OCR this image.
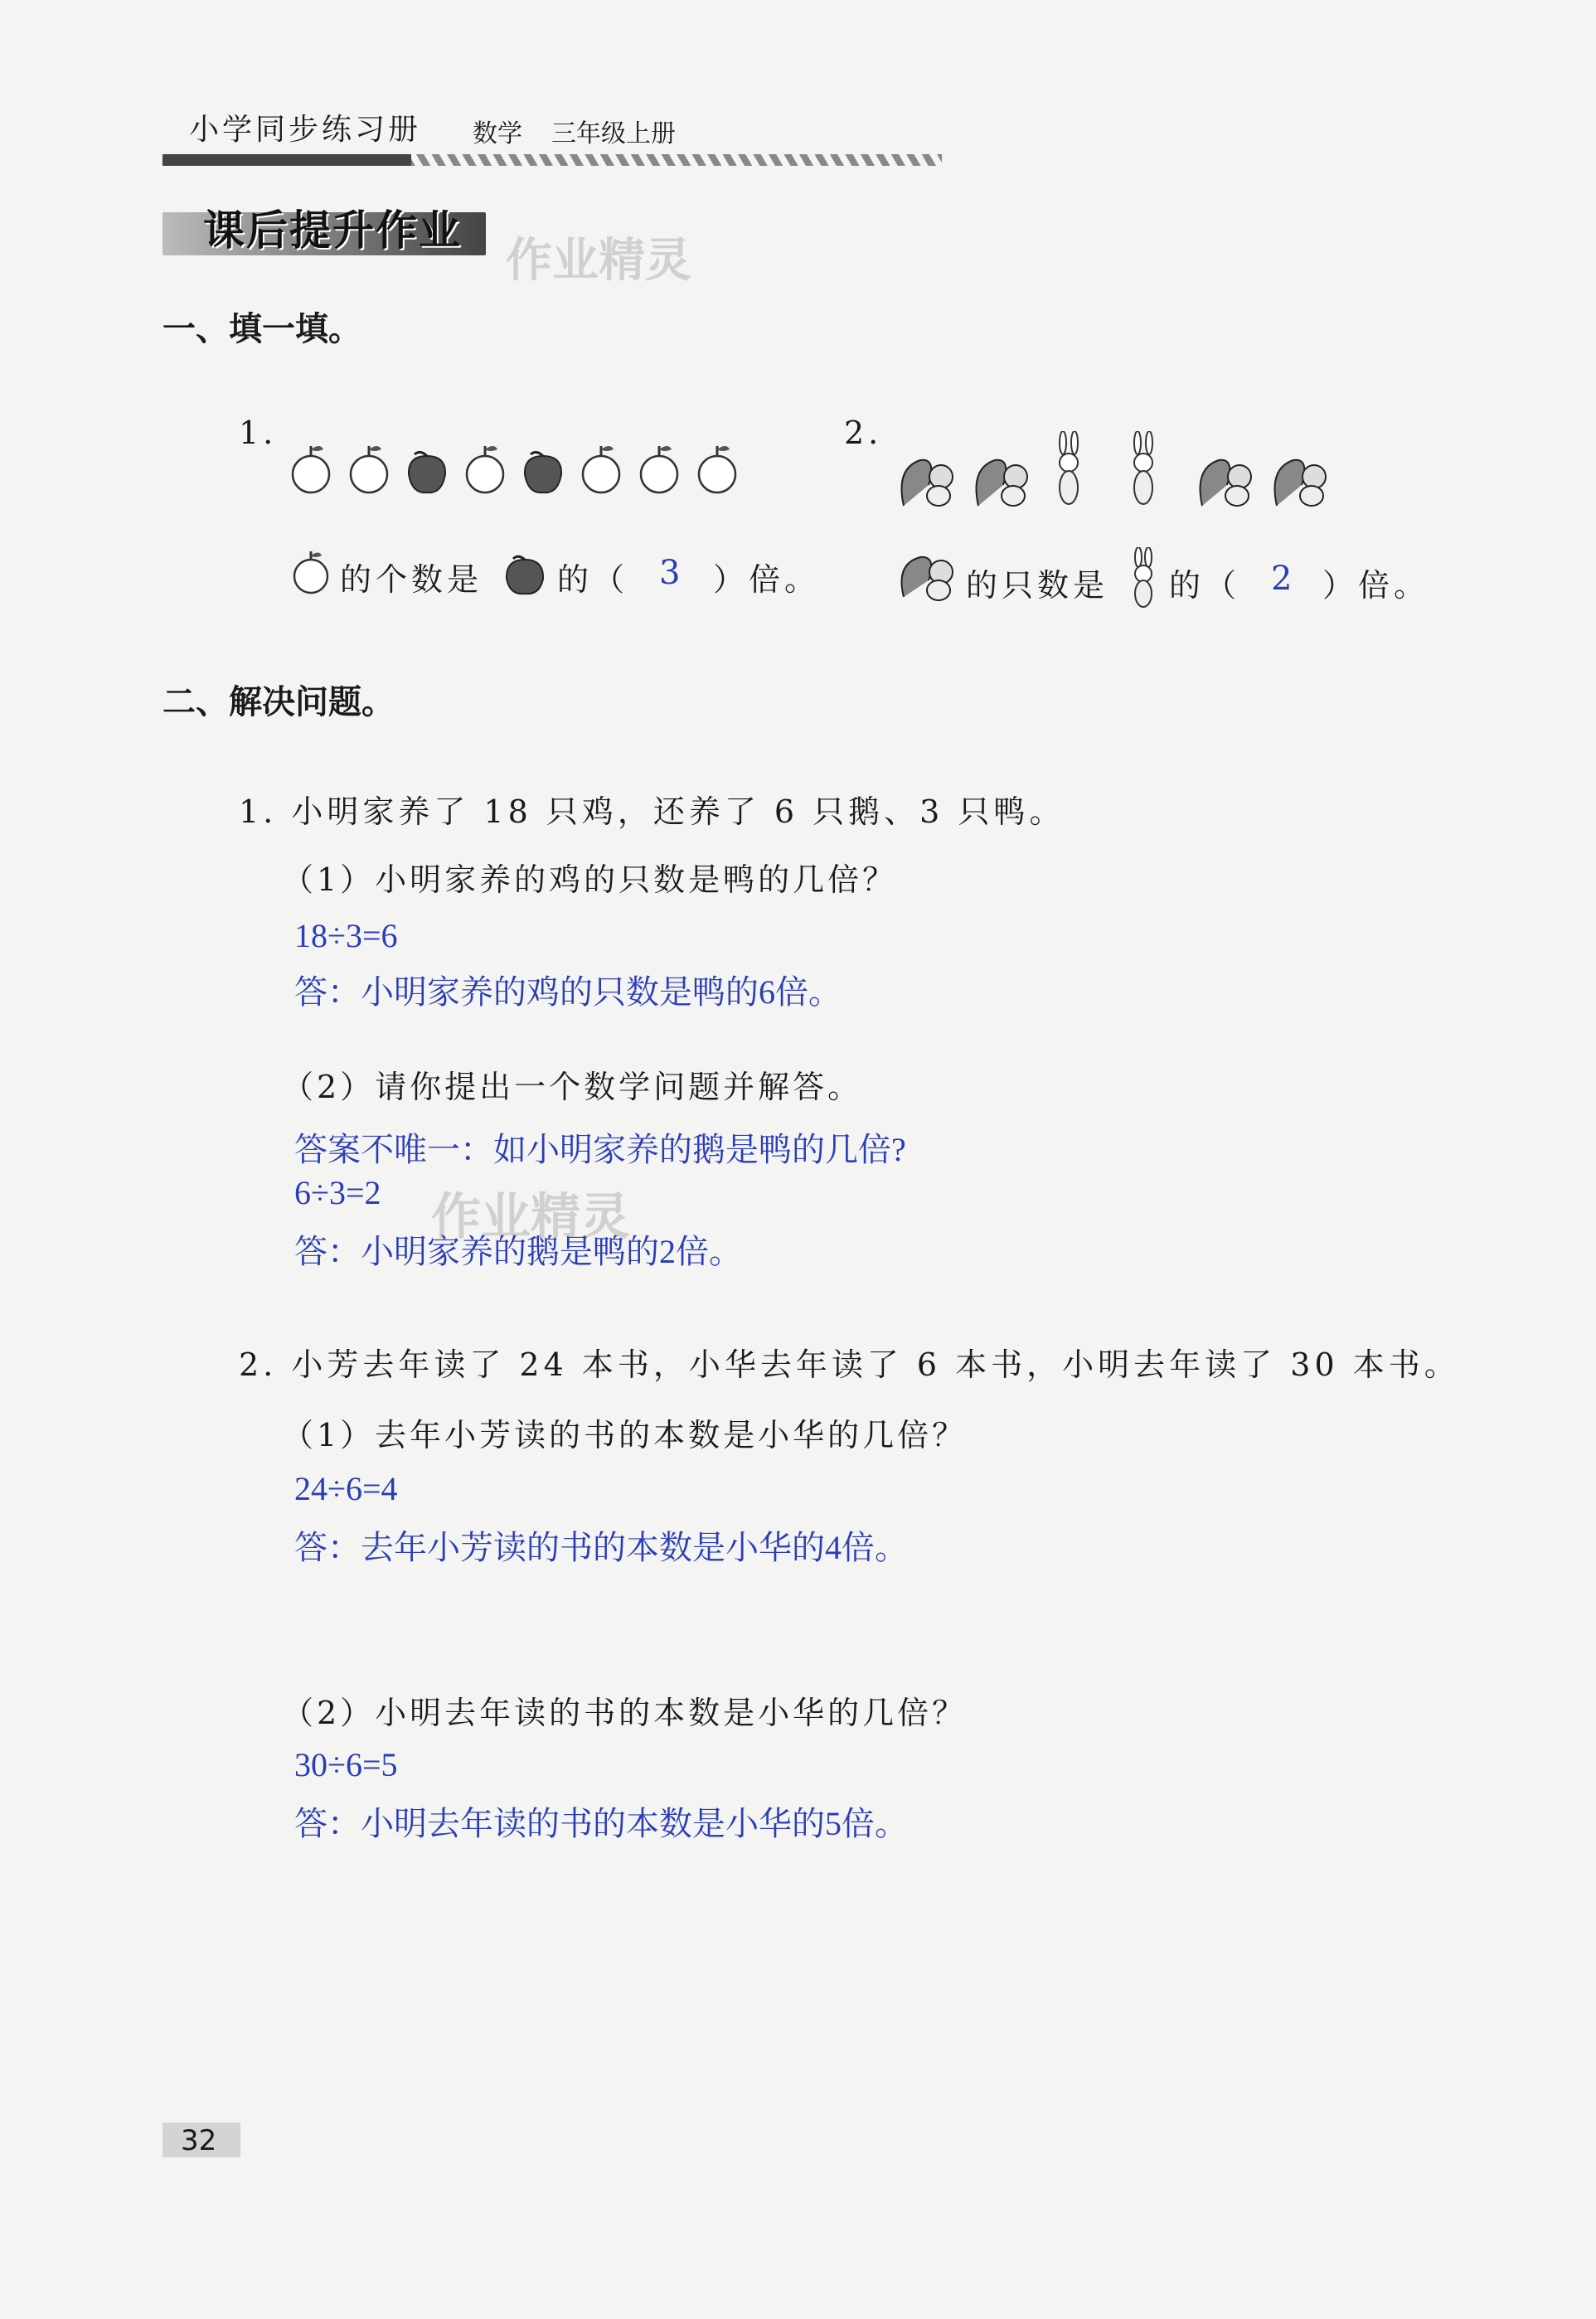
小学同步练习册 数学 三年级上册
课后提升作业
作业精灵
一、填一填。
1.
的个数是 的（ 3 ）倍。
2.
的只数是 的（ 2 ）倍。
二、解决问题。
1. 小明家养了 18 只鸡，还养了 6 只鹅、3 只鸭。
（1）小明家养的鸡的只数是鸭的几倍？
18÷3=6
答：小明家养的鸡的只数是鸭的6倍。
（2）请你提出一个数学问题并解答。
答案不唯一：如小明家养的鹅是鸭的几倍?
6÷3=2 作业精灵
答：小明家养的鹅是鸭的2倍。
2. 小芳去年读了 24 本书，小华去年读了 6 本书，小明去年读了 30 本书。
（1）去年小芳读的书的本数是小华的几倍？
24÷6=4
答：去年小芳读的书的本数是小华的4倍。
（2）小明去年读的书的本数是小华的几倍？
30÷6=5
答：小明去年读的书的本数是小华的5倍。
32
